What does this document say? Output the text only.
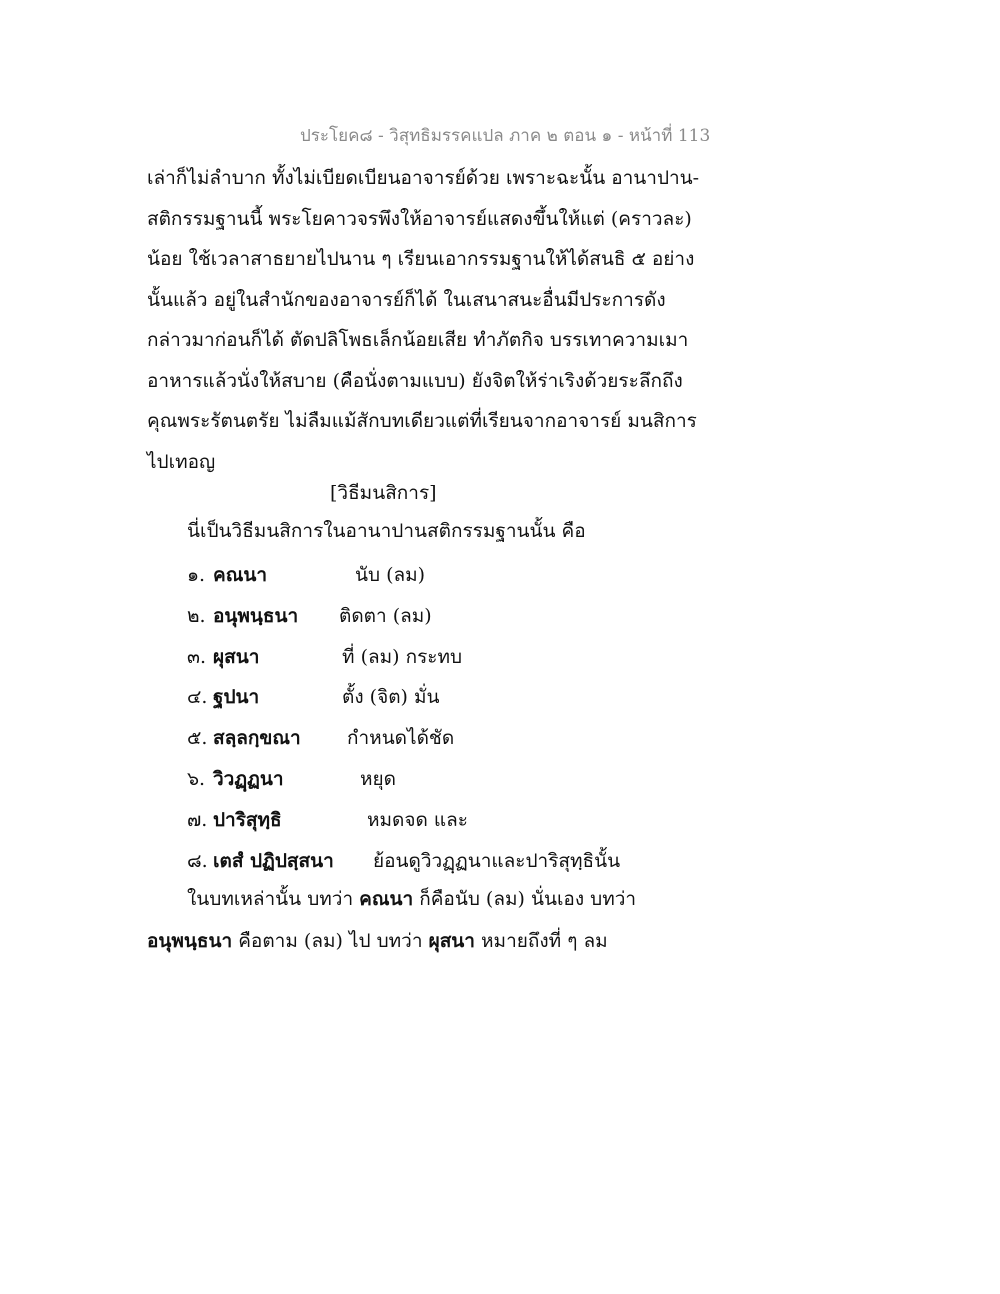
ประโยค๘ - วิสุทธิมรรคแปล ภาค ๒ ตอน ๑ - หน้าที่ 113
เล่าก็ไม่ลำบาก ทั้งไม่เบียดเบียนอาจารย์ด้วย เพราะฉะนั้น อานาปาน-
สติกรรมฐานนี้ พระโยคาวจรพึงให้อาจารย์แสดงขึ้นให้แต่ (คราวละ)
น้อย ใช้เวลาสาธยายไปนาน ๆ เรียนเอากรรมฐานให้ได้สนธิ ๕ อย่าง
นั้นแล้ว อยู่ในสำนักของอาจารย์ก็ได้ ในเสนาสนะอื่นมีประการดัง
กล่าวมาก่อนก็ได้ ตัดปลิโพธเล็กน้อยเสีย ทำภัตกิจ บรรเทาความเมา
อาหารแล้วนั่งให้สบาย (คือนั่งตามแบบ) ยังจิตให้ร่าเริงด้วยระลึกถึง
คุณพระรัตนตรัย ไม่ลืมแม้สักบทเดียวแต่ที่เรียนจากอาจารย์ มนสิการ
ไปเทอญ
[วิธีมนสิการ]
นี่เป็นวิธีมนสิการในอานาปานสติกรรมฐานนั้น คือ
๑. คณนา	นับ (ลม)
๒. อนุพนฺธนา ติดตา (ลม)
๓. ผุสนา	ที่ (ลม) กระทบ
๔. ฐปนา	ตั้ง (จิต) มั่น
๕. สลฺลกฺขณา กำหนดได้ชัด
๖. วิวฏฺฏนา	หยุด
๗. ปาริสุทฺธิ	หมดจด และ
๘. เตสํ ปฏิปสฺสนา ย้อนดูวิวฏฺฏนาและปาริสุทฺธินั้น
ในบทเหล่านั้น บทว่า คณนา ก็คือนับ (ลม) นั่นเอง บทว่า
อนุพนฺธนา คือตาม (ลม) ไป บทว่า ผุสนา หมายถึงที่ ๆ ลม
